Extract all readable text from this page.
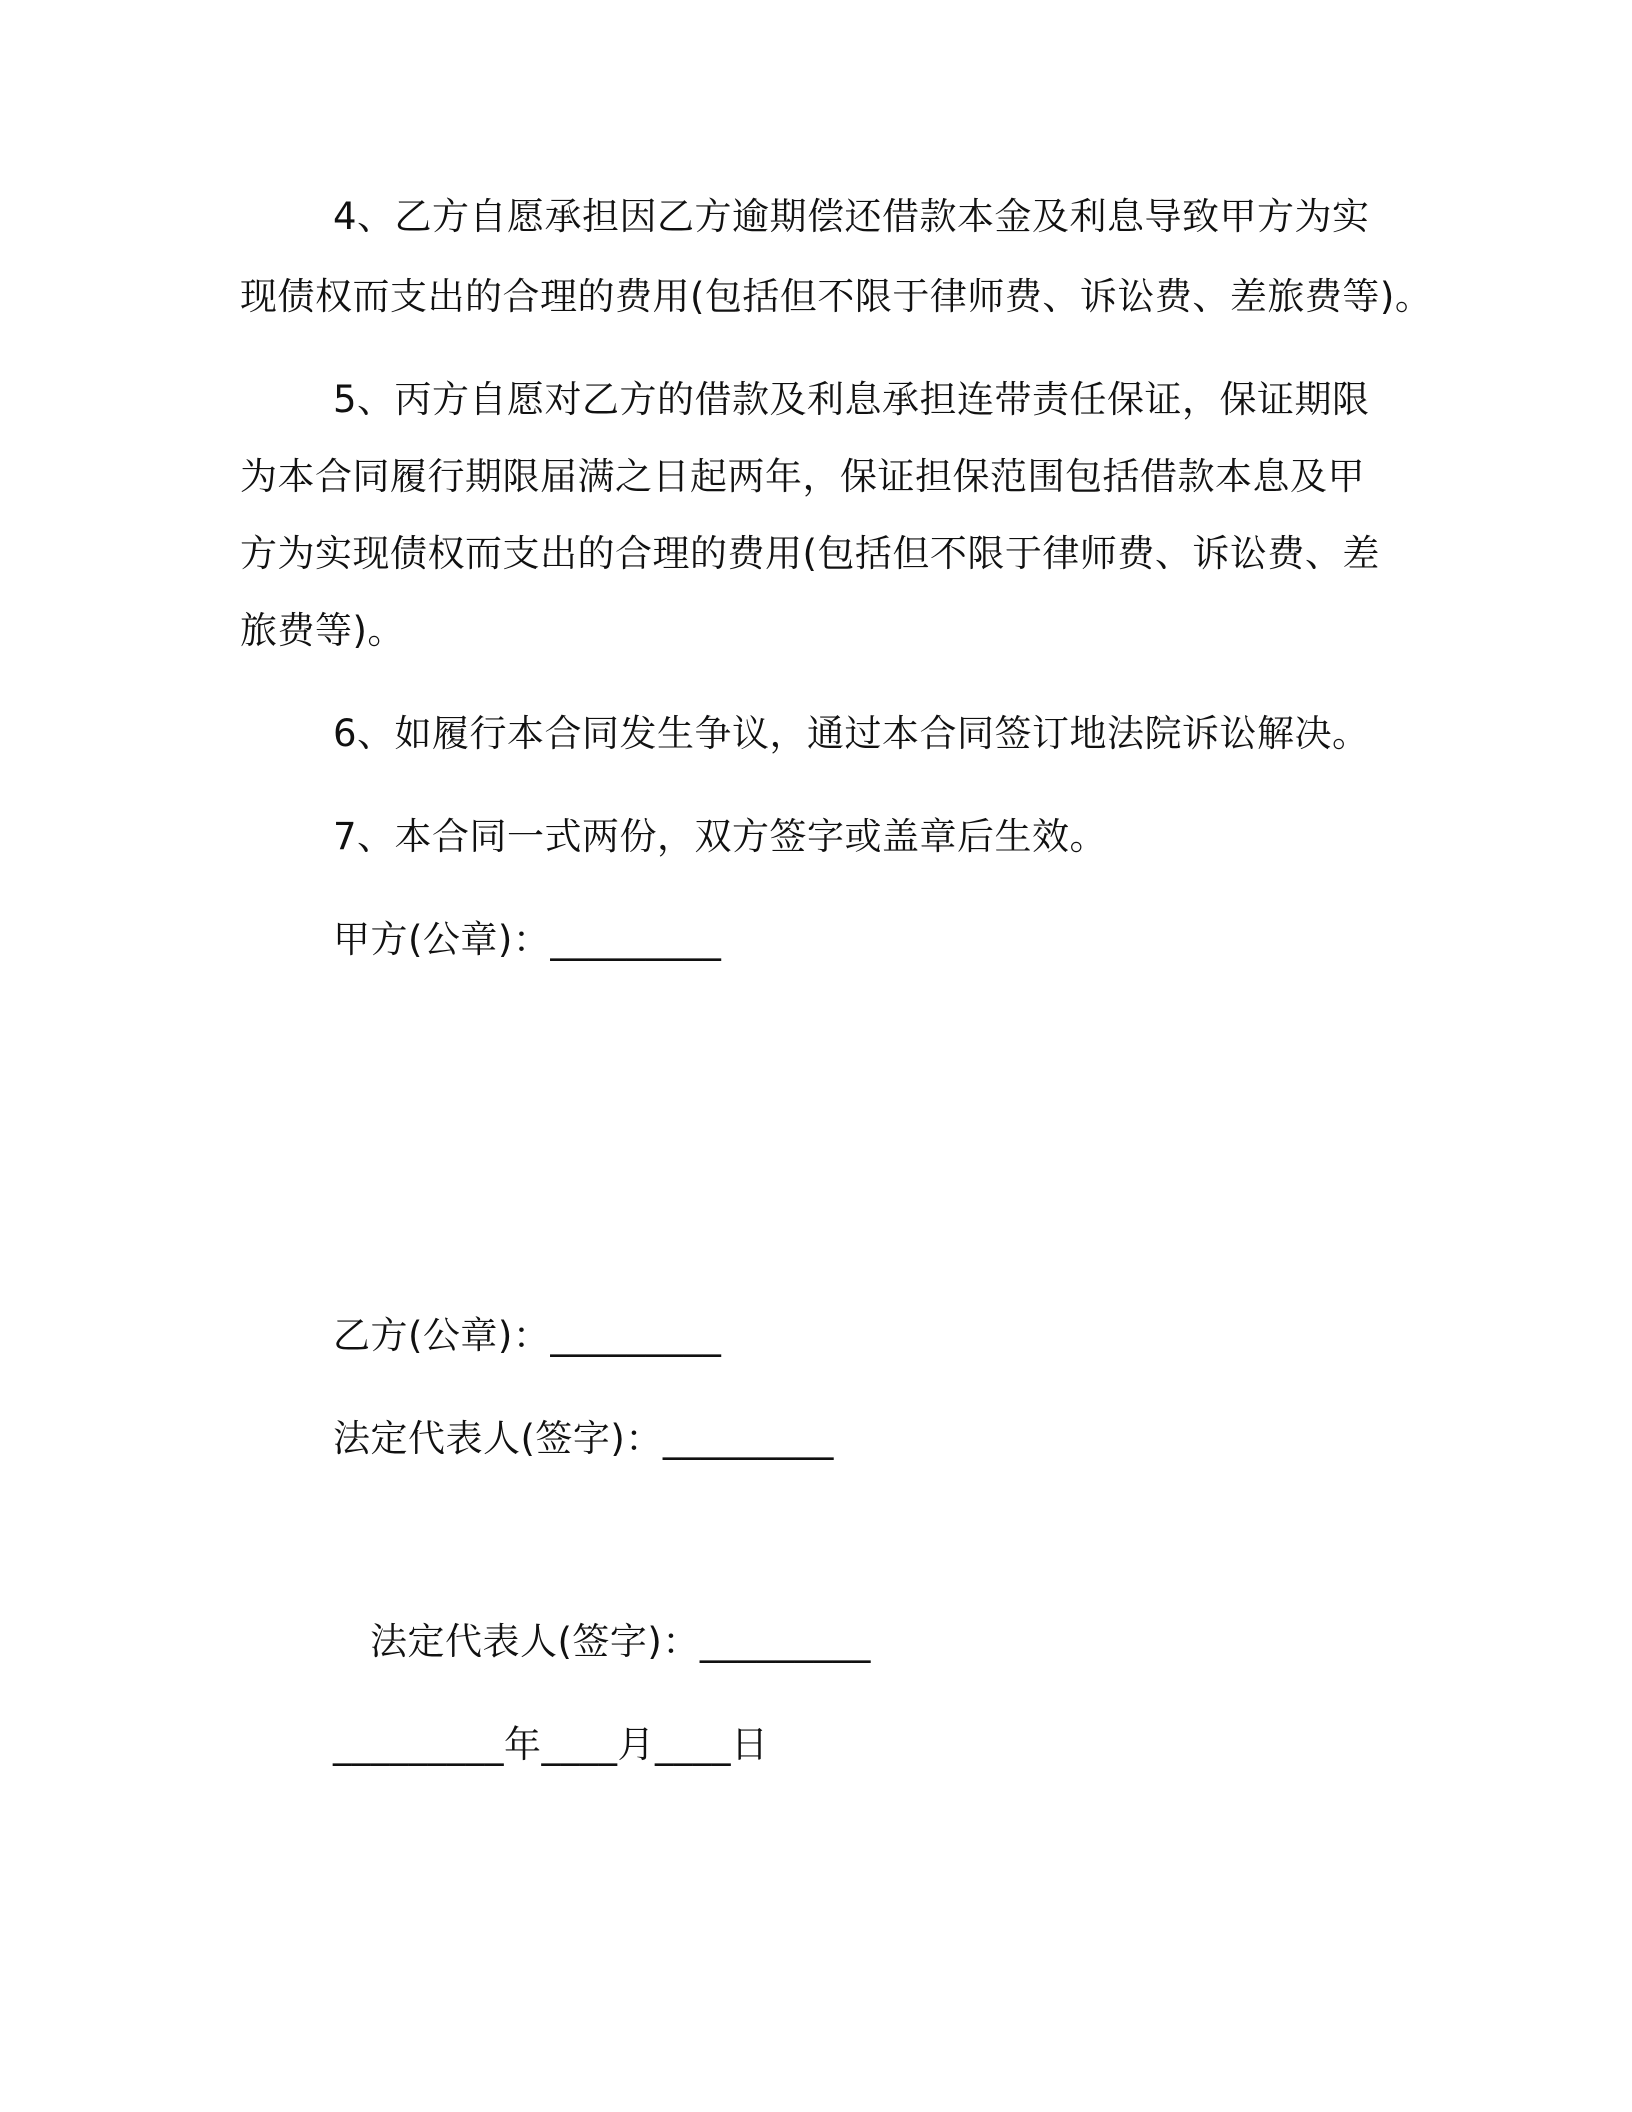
4、乙方自愿承担因乙方逾期偿还借款本金及利息导致甲方为实
现债权而支出的合理的费用(包括但不限于律师费、诉讼费、差旅费等)。
5、丙方自愿对乙方的借款及利息承担连带责任保证，保证期限
为本合同履行期限届满之日起两年，保证担保范围包括借款本息及甲
方为实现债权而支出的合理的费用(包括但不限于律师费、诉讼费、差
旅费等)。
6、如履行本合同发生争议，通过本合同签订地法院诉讼解决。
7、本合同一式两份，双方签字或盖章后生效。
甲方(公章)：_________
乙方(公章)：_________
法定代表人(签字)：_________
法定代表人(签字)：_________
_________年____月____日
